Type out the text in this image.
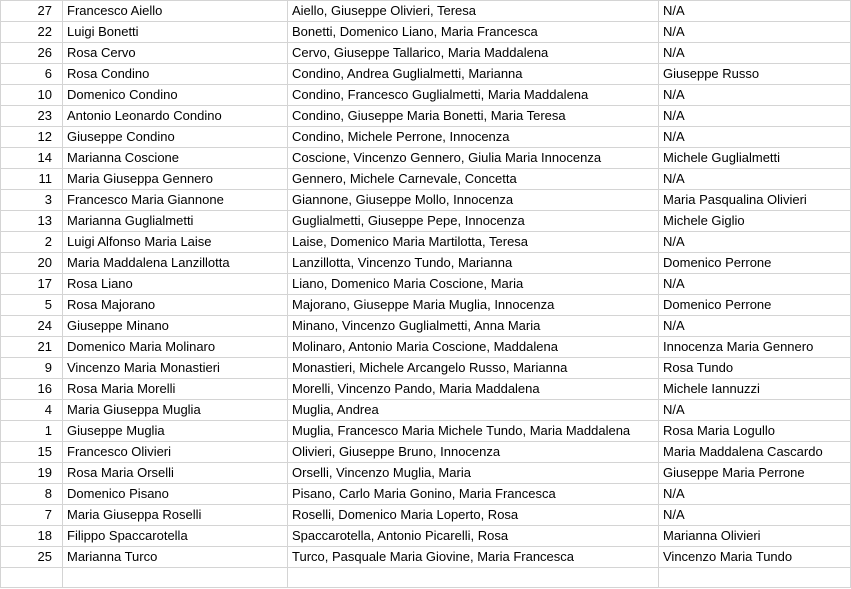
27	Francesco Aiello	Aiello, Giuseppe Olivieri, Teresa	N/A
22	Luigi Bonetti	Bonetti, Domenico Liano, Maria Francesca	N/A
26	Rosa Cervo	Cervo, Giuseppe Tallarico, Maria Maddalena	N/A
6	Rosa Condino	Condino, Andrea Guglialmetti, Marianna	Giuseppe Russo
10	Domenico Condino	Condino, Francesco Guglialmetti, Maria Maddalena	N/A
23	Antonio Leonardo Condino	Condino, Giuseppe Maria Bonetti, Maria Teresa	N/A
12	Giuseppe Condino	Condino, Michele Perrone, Innocenza	N/A
14	Marianna Coscione	Coscione, Vincenzo Gennero, Giulia Maria Innocenza	Michele Guglialmetti
11	Maria Giuseppa Gennero	Gennero, Michele Carnevale, Concetta	N/A
3	Francesco Maria Giannone	Giannone, Giuseppe Mollo, Innocenza	Maria Pasqualina Olivieri
13	Marianna Guglialmetti	Guglialmetti, Giuseppe Pepe, Innocenza	Michele Giglio
2	Luigi Alfonso Maria Laise	Laise, Domenico Maria Martilotta, Teresa	N/A
20	Maria Maddalena Lanzillotta	Lanzillotta, Vincenzo Tundo, Marianna	Domenico Perrone
17	Rosa Liano	Liano, Domenico Maria Coscione, Maria	N/A
5	Rosa Majorano	Majorano, Giuseppe Maria Muglia, Innocenza	Domenico Perrone
24	Giuseppe Minano	Minano, Vincenzo Guglialmetti, Anna Maria	N/A
21	Domenico Maria Molinaro	Molinaro, Antonio Maria Coscione, Maddalena	Innocenza Maria Gennero
9	Vincenzo Maria Monastieri	Monastieri, Michele Arcangelo Russo, Marianna	Rosa Tundo
16	Rosa Maria Morelli	Morelli, Vincenzo Pando, Maria Maddalena	Michele Iannuzzi
4	Maria Giuseppa Muglia	Muglia, Andrea	N/A
1	Giuseppe Muglia	Muglia, Francesco Maria Michele Tundo, Maria Maddalena	Rosa Maria Logullo
15	Francesco Olivieri	Olivieri, Giuseppe Bruno, Innocenza	Maria Maddalena Cascardo
19	Rosa Maria Orselli	Orselli, Vincenzo Muglia, Maria	Giuseppe Maria Perrone
8	Domenico Pisano	Pisano, Carlo Maria Gonino, Maria Francesca	N/A
7	Maria Giuseppa Roselli	Roselli, Domenico Maria Loperto, Rosa	N/A
18	Filippo Spaccarotella	Spaccarotella, Antonio Picarelli, Rosa	Marianna Olivieri
25	Marianna Turco	Turco, Pasquale Maria Giovine, Maria Francesca	Vincenzo Maria Tundo
